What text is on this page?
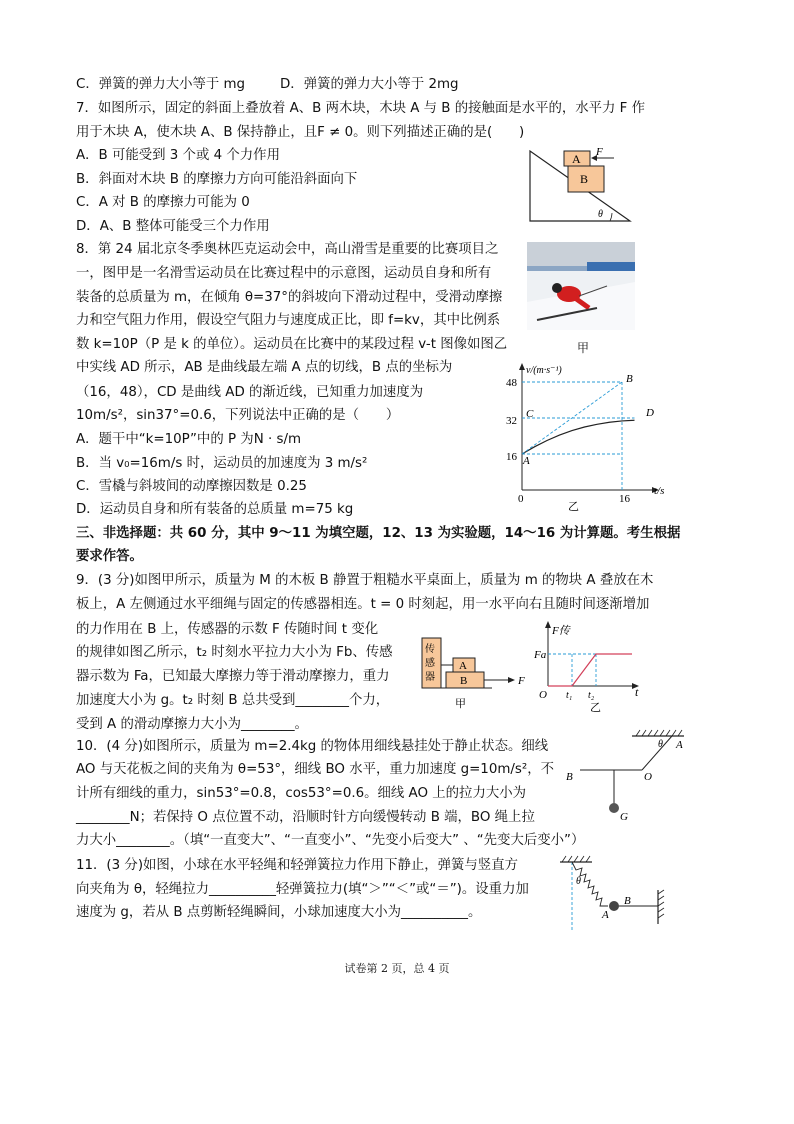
C．弹簧的弹力大小等于 mg	D．弹簧的弹力大小等于 2mg
7．如图所示，固定的斜面上叠放着 A、B 两木块，木块 A 与 B 的接触面是水平的，水平力 F 作
用于木块 A，使木块 A、B 保持静止，且F ≠ 0。则下列描述正确的是(　　)
A．B 可能受到 3 个或 4 个力作用
B．斜面对木块 B 的摩擦力方向可能沿斜面向下
C．A 对 B 的摩擦力可能为 0
D．A、B 整体可能受三个力作用
8．第 24 届北京冬季奥林匹克运动会中，高山滑雪是重要的比赛项目之
一，图甲是一名滑雪运动员在比赛过程中的示意图，运动员自身和所有
装备的总质量为 m，在倾角 θ=37°的斜坡向下滑动过程中，受滑动摩擦
力和空气阻力作用，假设空气阻力与速度成正比，即 f=kv，其中比例系
数 k=10P（P 是 k 的单位）。运动员在比赛中的某段过程 v-t 图像如图乙
中实线 AD 所示，AB 是曲线最左端 A 点的切线，B 点的坐标为
（16，48），CD 是曲线 AD 的渐近线，已知重力加速度为
10m/s²，sin37°=0.6，下列说法中正确的是（　　）
A．题干中“k=10P”中的 P 为N · s/m
B．当 v₀=16m/s 时，运动员的加速度为 3 m/s²
C．雪橇与斜坡间的动摩擦因数是 0.25
D．运动员自身和所有装备的总质量 m=75 kg
三、非选择题：共 60 分，其中 9～11 为填空题，12、13 为实验题，14～16 为计算题。考生根据
要求作答。
9．(3 分)如图甲所示，质量为 M 的木板 B 静置于粗糙水平桌面上，质量为 m 的物块 A 叠放在木
板上，A 左侧通过水平细绳与固定的传感器相连。t = 0 时刻起，用一水平向右且随时间逐渐增加
的力作用在 B 上，传感器的示数 F 传随时间 t 变化
的规律如图乙所示，t₂ 时刻水平拉力大小为 Fb、传感
器示数为 Fa，已知最大摩擦力等于滑动摩擦力，重力
加速度大小为 g。t₂ 时刻 B 总共受到________个力，
受到 A 的滑动摩擦力大小为________。
10．(4 分)如图所示，质量为 m=2.4kg 的物体用细线悬挂处于静止状态。细线
AO 与天花板之间的夹角为 θ=53°，细线 BO 水平，重力加速度 g=10m/s²，不
计所有细线的重力，sin53°=0.8，cos53°=0.6。细线 AO 上的拉力大小为
________N；若保持 O 点位置不动，沿顺时针方向缓慢转动 B 端，BO 绳上拉
力大小________。（填“一直变大”、“一直变小”、“先变小后变大” 、“先变大后变小”）
11．(3 分)如图，小球在水平轻绳和轻弹簧拉力作用下静止，弹簧与竖直方
向夹角为 θ，轻绳拉力__________轻弹簧拉力(填“＞”“＜”或“＝”)。设重力加
速度为 g，若从 B 点剪断轻绳瞬间，小球加速度大小为__________。
A
B
F
θ
甲
v/(m·s⁻¹)
t/s
48
32
16
0	16
B
C	D
A
乙
传
感
器
A
B	F
甲
F传
Fa
O t₁ t₂	t
乙
θ A
B	O
G
θ
A
B
试卷第 2 页，总 4 页
